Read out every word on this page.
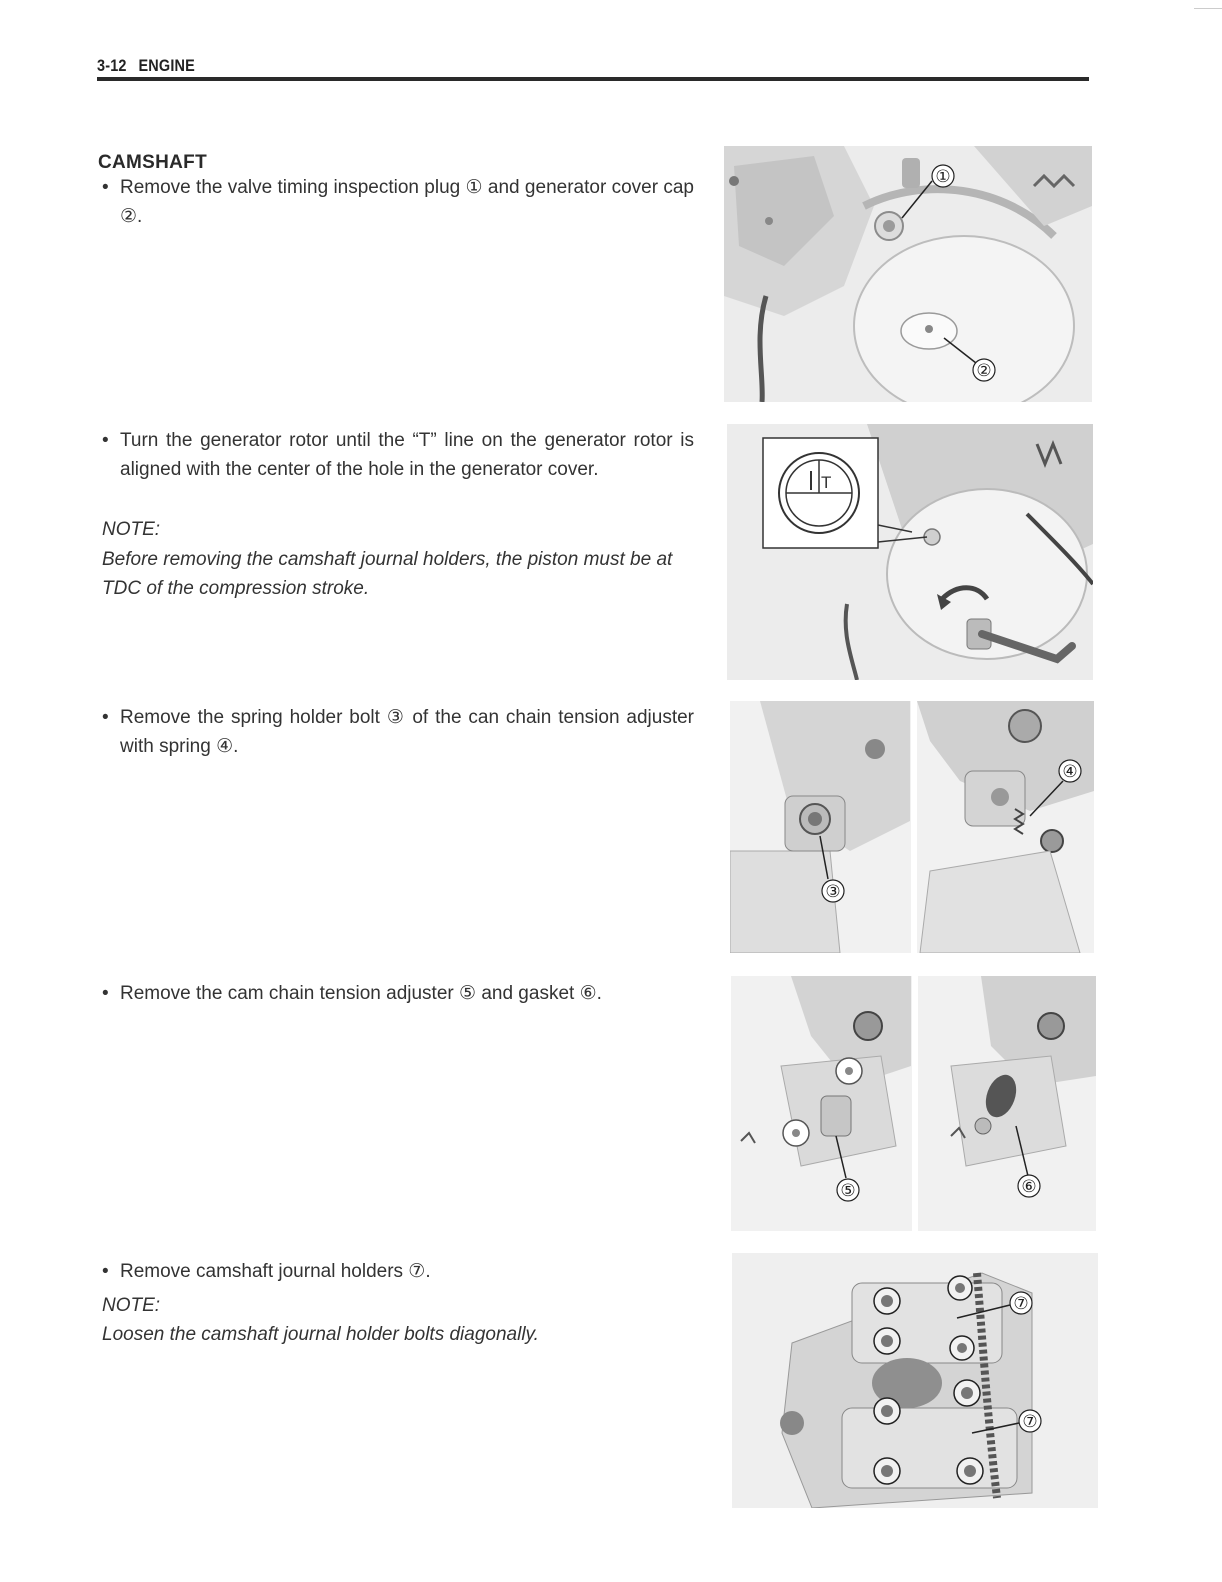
3-12 ENGINE
CAMSHAFT
• Remove the valve timing inspection plug ① and generator cover cap ②.
• Turn the generator rotor until the “T” line on the generator rotor is aligned with the center of the hole in the generator cover.
NOTE:
Before removing the camshaft journal holders, the piston must be at TDC of the compression stroke.
• Remove the spring holder bolt ③ of the can chain tension adjuster with spring ④.
• Remove the cam chain tension adjuster ⑤ and gasket ⑥.
• Remove camshaft journal holders ⑦.
NOTE:
Loosen the camshaft journal holder bolts diagonally.
①
②
T
③
④
⑤	⑥
⑦
⑦
